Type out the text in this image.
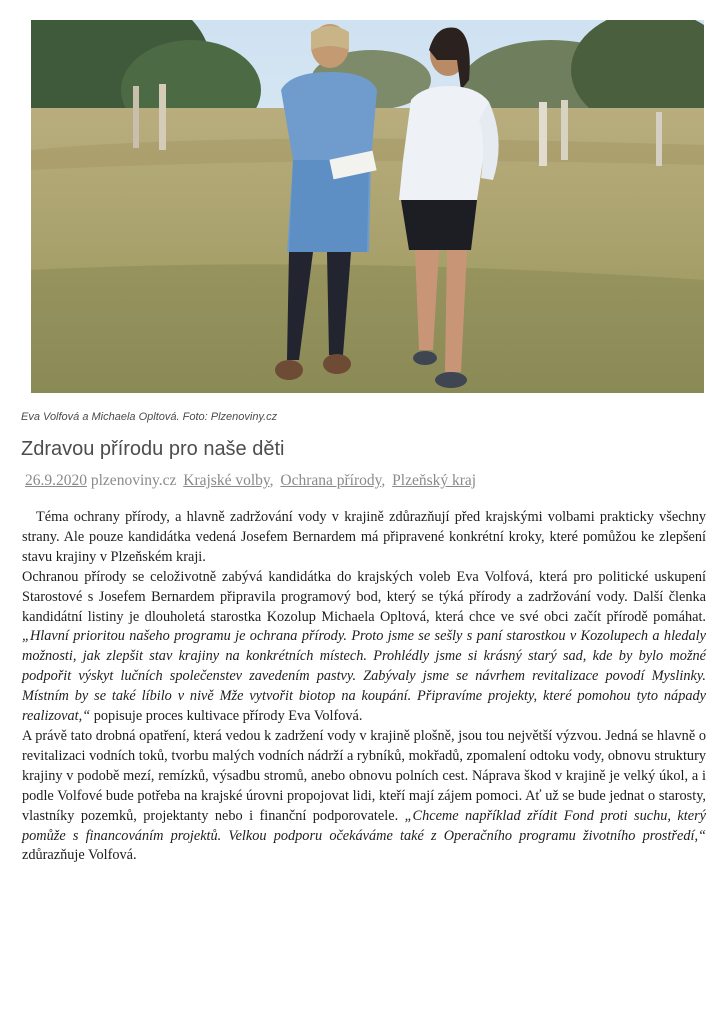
Eva Volfová a Michaela Opltová. Foto: Plzenoviny.cz

Zdravou přírodu pro naše děti
26.9.2020 plzenoviny.cz Krajské volby, Ochrana přírody, Plzeňský kraj

Téma ochrany přírody, a hlavně zadržování vody v krajině zdůrazňují před krajskými volbami prakticky všechny strany. Ale pouze kandidátka vedená Josefem Bernardem má připravené konkrétní kroky, které pomůžou ke zlepšení stavu krajiny v Plzeňském kraji.

Ochranou přírody se celoživotně zabývá kandidátka do krajských voleb Eva Volfová, která pro politické uskupení Starostové s Josefem Bernardem připravila programový bod, který se týká přírody a zadržování vody. Další členka kandidátní listiny je dlouholetá starostka Kozolup Michaela Opltová, která chce ve své obci začít přírodě pomáhat. „Hlavní prioritou našeho programu je ochrana přírody. Proto jsme se sešly s paní starostkou v Kozolupech a hledaly možnosti, jak zlepšit stav krajiny na konkrétních místech. Prohlédly jsme si krásný starý sad, kde by bylo možné podpořit výskyt lučních společenstev zavedením pastvy. Zabývaly jsme se návrhem revitalizace povodí Myslinky. Místním by se také líbilo v nivě Mže vytvořit biotop na koupání. Připravíme projekty, které pomohou tyto nápady realizovat,“ popisuje proces kultivace přírody Eva Volfová.

A právě tato drobná opatření, která vedou k zadržení vody v krajině plošně, jsou tou největší výzvou. Jedná se hlavně o revitalizaci vodních toků, tvorbu malých vodních nádrží a rybníků, mokřadů, zpomalení odtoku vody, obnovu struktury krajiny v podobě mezí, remízků, výsadbu stromů, anebo obnovu polních cest. Náprava škod v krajině je velký úkol, a i podle Volfové bude potřeba na krajské úrovni propojovat lidi, kteří mají zájem pomoci. Ať už se bude jednat o starosty, vlastníky pozemků, projektanty nebo i finanční podporovatele. „Chceme například zřídit Fond proti suchu, který pomůže s financováním projektů. Velkou podporu očekáváme také z Operačního programu životního prostředí,“ zdůrazňuje Volfová.
